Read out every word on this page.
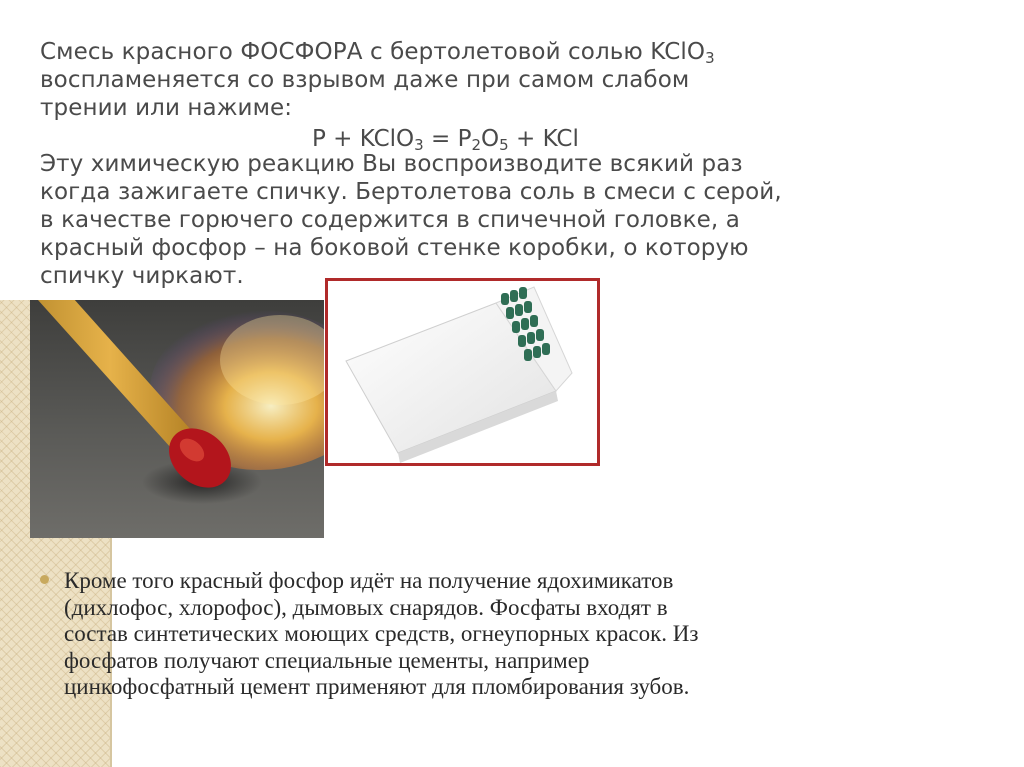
Смесь красного ФОСФОРА с бертолетовой солью KClO$_3$

воспламеняется со взрывом даже при самом слабом

трении или нажиме:

P + KClO$_3$ = $P_2O_5$ + KCl

Эту химическую реакцию Вы воспроизводите всякий раз

когда зажигаете спичку. Бертолетова соль в смеси с серой,

в качестве горючего содержится в спичечной головке, а

красный фосфор – на боковой стенке коробки, о которую

спичку чиркают.

Кроме того красный фосфор идёт на получение ядохимикатов
(дихлофос, хлорофос), дымовых снарядов. Фосфаты входят в
состав синтетических моющих средств, огнеупорных красок. Из
фосфатов получают специальные цементы, например
цинкофосфатный цемент применяют для пломбирования зубов.
